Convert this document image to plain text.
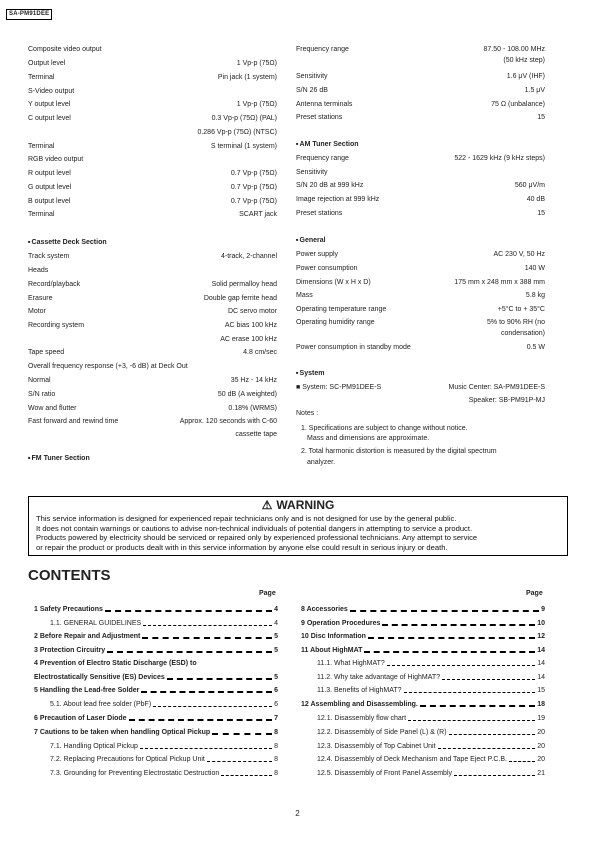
SA-PM91DEE
Composite video output
Output level	1 Vp-p (75Ω)
Terminal	Pin jack (1 system)
S-Video output
Y output level	1 Vp-p (75Ω)
C output level	0.3 Vp-p (75Ω) (PAL)
0.286 Vp-p (75Ω) (NTSC)
Terminal	S terminal (1 system)
RGB video output
R output level	0.7 Vp-p (75Ω)
G output level	0.7 Vp-p (75Ω)
B output level	0.7 Vp-p (75Ω)
Terminal	SCART jack
■ Cassette Deck Section
Track system	4-track, 2-channel
Heads
Record/playback	Solid permalloy head
Erasure	Double gap ferrite head
Motor	DC servo motor
Recording system	AC bias 100 kHz
AC erase 100 kHz
Tape speed	4.8 cm/sec
Overall frequency response (+3, -6 dB) at Deck Out
Normal	35 Hz - 14 kHz
S/N ratio	50 dB (A weighted)
Wow and flutter	0.18% (WRMS)
Fast forward and rewind time	Approx. 120 seconds with C-60
cassette tape
■ FM Tuner Section
Frequency range	87.50 - 108.00 MHz
(50 kHz step)
Sensitivity	1.6 μV (IHF)
S/N 26 dB	1.5 μV
Antenna terminals	75 Ω (unbalance)
Preset stations	15
■ AM Tuner Section
Frequency range	522 - 1629 kHz (9 kHz steps)
Sensitivity
S/N 20 dB at 999 kHz	560 μV/m
Image rejection at 999 kHz	40 dB
Preset stations	15
■ General
Power supply	AC 230 V, 50 Hz
Power consumption	140 W
Dimensions (W x H x D)	175 mm x 248 mm x 388 mm
Mass	5.8 kg
Operating temperature range	+5°C to + 35°C
Operating humidity range	5% to 90% RH (no
condensation)
Power consumption in standby mode	0.5 W
■ System
■ System: SC-PM91DEE-S	Music Center: SA-PM91DEE-S
Speaker: SB-PM91P-MJ
Notes :
1. Specifications are subject to change without notice.
Mass and dimensions are approximate.
2. Total harmonic distortion is measured by the digital spectrum
analyzer.
⚠ WARNING
This service information is designed for experienced repair technicians only and is not designed for use by the general public.
It does not contain warnings or cautions to advise non-technical individuals of potential dangers in attempting to service a product.
Products powered by electricity should be serviced or repaired only by experienced professional technicians. Any attempt to service
or repair the product or products dealt with in this service information by anyone else could result in serious injury or death.
CONTENTS
Page	Page
2
1 Safety Precautions	4
1.1. GENERAL GUIDELINES	4
2 Before Repair and Adjustment	5
3 Protection Circuitry	5
4 Prevention of Electro Static Discharge (ESD) to
Electrostatically Sensitive (ES) Devices	5
5 Handling the Lead-free Solder	6
5.1. About lead free solder (PbF)	6
6 Precaution of Laser Diode	7
7 Cautions to be taken when handling Optical Pickup	8
7.1. Handling Optical Pickup	8
7.2. Replacing Precautions for Optical Pickup Unit	8
7.3. Grounding for Preventing Electrostatic Destruction	8
8 Accessories	9
9 Operation Procedures	10
10 Disc Information	12
11 About HighMAT	14
11.1. What HighMAT?	14
11.2. Why take advantage of HighMAT?	14
11.3. Benefits of HighMAT?	15
12 Assembling and Disassembling.	18
12.1. Disassembly flow chart	19
12.2. Disassembly of Side Panel (L) & (R)	20
12.3. Disassembly of Top Cabinet Unit	20
12.4. Disassembly of Deck Mechanism and Tape Eject P.C.B.	20
12.5. Disassembly of Front Panel Assembly	21
